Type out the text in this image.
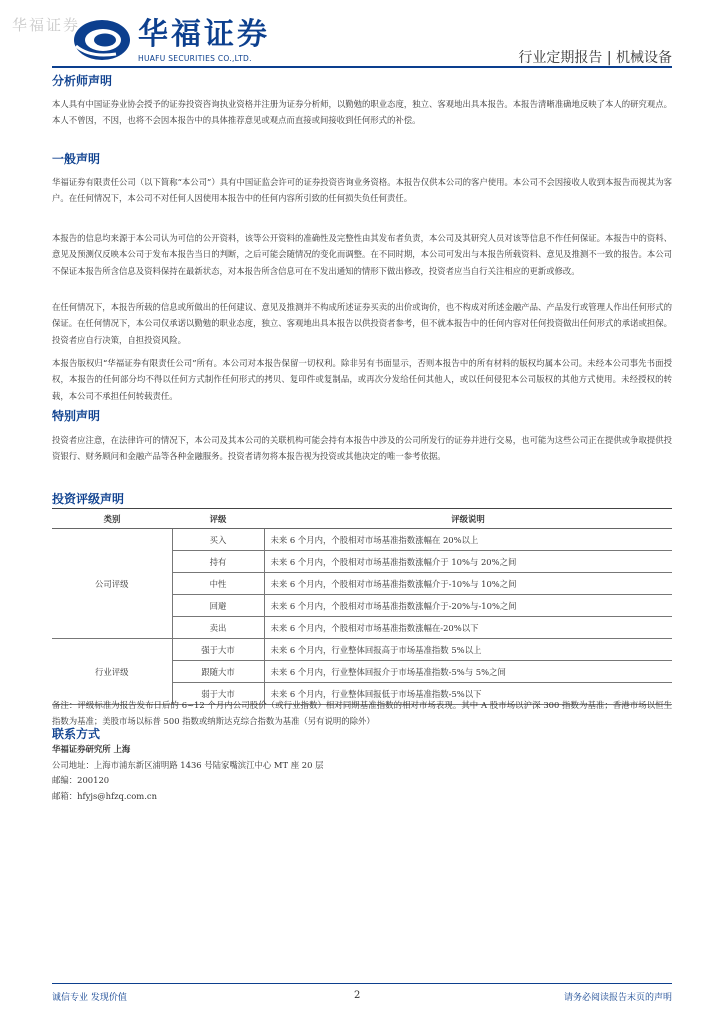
华福证券 华福证券
HUAFU SECURITIES CO.,LTD.	行业定期报告 | 机械设备
分析师声明

本人具有中国证券业协会授予的证券投资咨询执业资格并注册为证券分析师，以勤勉的职业态度，独立、客观地出具本报告。本报告清晰准确地反映了本人的研究观点。本人不曾因，不因，也将不会因本报告中的具体推荐意见或观点而直接或间接收到任何形式的补偿。

一般声明

华福证券有限责任公司（以下简称“本公司”）具有中国证监会许可的证券投资咨询业务资格。本报告仅供本公司的客户使用。本公司不会因接收人收到本报告而视其为客户。在任何情况下，本公司不对任何人因使用本报告中的任何内容所引致的任何损失负任何责任。

本报告的信息均来源于本公司认为可信的公开资料，该等公开资料的准确性及完整性由其发布者负责，本公司及其研究人员对该等信息不作任何保证。本报告中的资料、意见及预测仅反映本公司于发布本报告当日的判断，之后可能会随情况的变化而调整。在不同时期，本公司可发出与本报告所载资料、意见及推测不一致的报告。本公司不保证本报告所含信息及资料保持在最新状态，对本报告所含信息可在不发出通知的情形下做出修改，投资者应当自行关注相应的更新或修改。

在任何情况下，本报告所载的信息或所做出的任何建议、意见及推测并不构成所述证券买卖的出价或询价，也不构成对所述金融产品、产品发行或管理人作出任何形式的保证。在任何情况下，本公司仅承诺以勤勉的职业态度，独立、客观地出具本报告以供投资者参考，但不就本报告中的任何内容对任何投资做出任何形式的承诺或担保。投资者应自行决策，自担投资风险。

本报告版权归“华福证券有限责任公司”所有。本公司对本报告保留一切权利。除非另有书面显示，否则本报告中的所有材料的版权均属本公司。未经本公司事先书面授权，本报告的任何部分均不得以任何方式制作任何形式的拷贝、复印件或复制品，或再次分发给任何其他人，或以任何侵犯本公司版权的其他方式使用。未经授权的转载，本公司不承担任何转载责任。

特别声明

投资者应注意，在法律许可的情况下，本公司及其本公司的关联机构可能会持有本报告中涉及的公司所发行的证券并进行交易，也可能为这些公司正在提供或争取提供投资银行、财务顾问和金融产品等各种金融服务。投资者请勿将本报告视为投资或其他决定的唯一参考依据。

投资评级声明
类别	评级	评级说明
公司评级	买入	未来 6 个月内，个股相对市场基准指数涨幅在 20%以上
	持有	未来 6 个月内，个股相对市场基准指数涨幅介于 10%与 20%之间
	中性	未来 6 个月内，个股相对市场基准指数涨幅介于-10%与 10%之间
	回避	未来 6 个月内，个股相对市场基准指数涨幅介于-20%与-10%之间
	卖出	未来 6 个月内，个股相对市场基准指数涨幅在-20%以下
行业评级	强于大市	未来 6 个月内，行业整体回报高于市场基准指数 5%以上
	跟随大市	未来 6 个月内，行业整体回报介于市场基准指数-5%与 5%之间
	弱于大市	未来 6 个月内，行业整体回报低于市场基准指数-5%以下

备注：评级标准为报告发布日后的 6~12 个月内公司股价（或行业指数）相对同期基准指数的相对市场表现。其中 A 股市场以沪深 300 指数为基准；香港市场以恒生指数为基准；美股市场以标普 500 指数或纳斯达克综合指数为基准（另有说明的除外）

联系方式
华福证券研究所 上海
公司地址：上海市浦东新区浦明路 1436 号陆家嘴滨江中心 MT 座 20 层
邮编：200120
邮箱：hfyjs@hfzq.com.cn
诚信专业 发现价值	2	请务必阅读报告末页的声明
